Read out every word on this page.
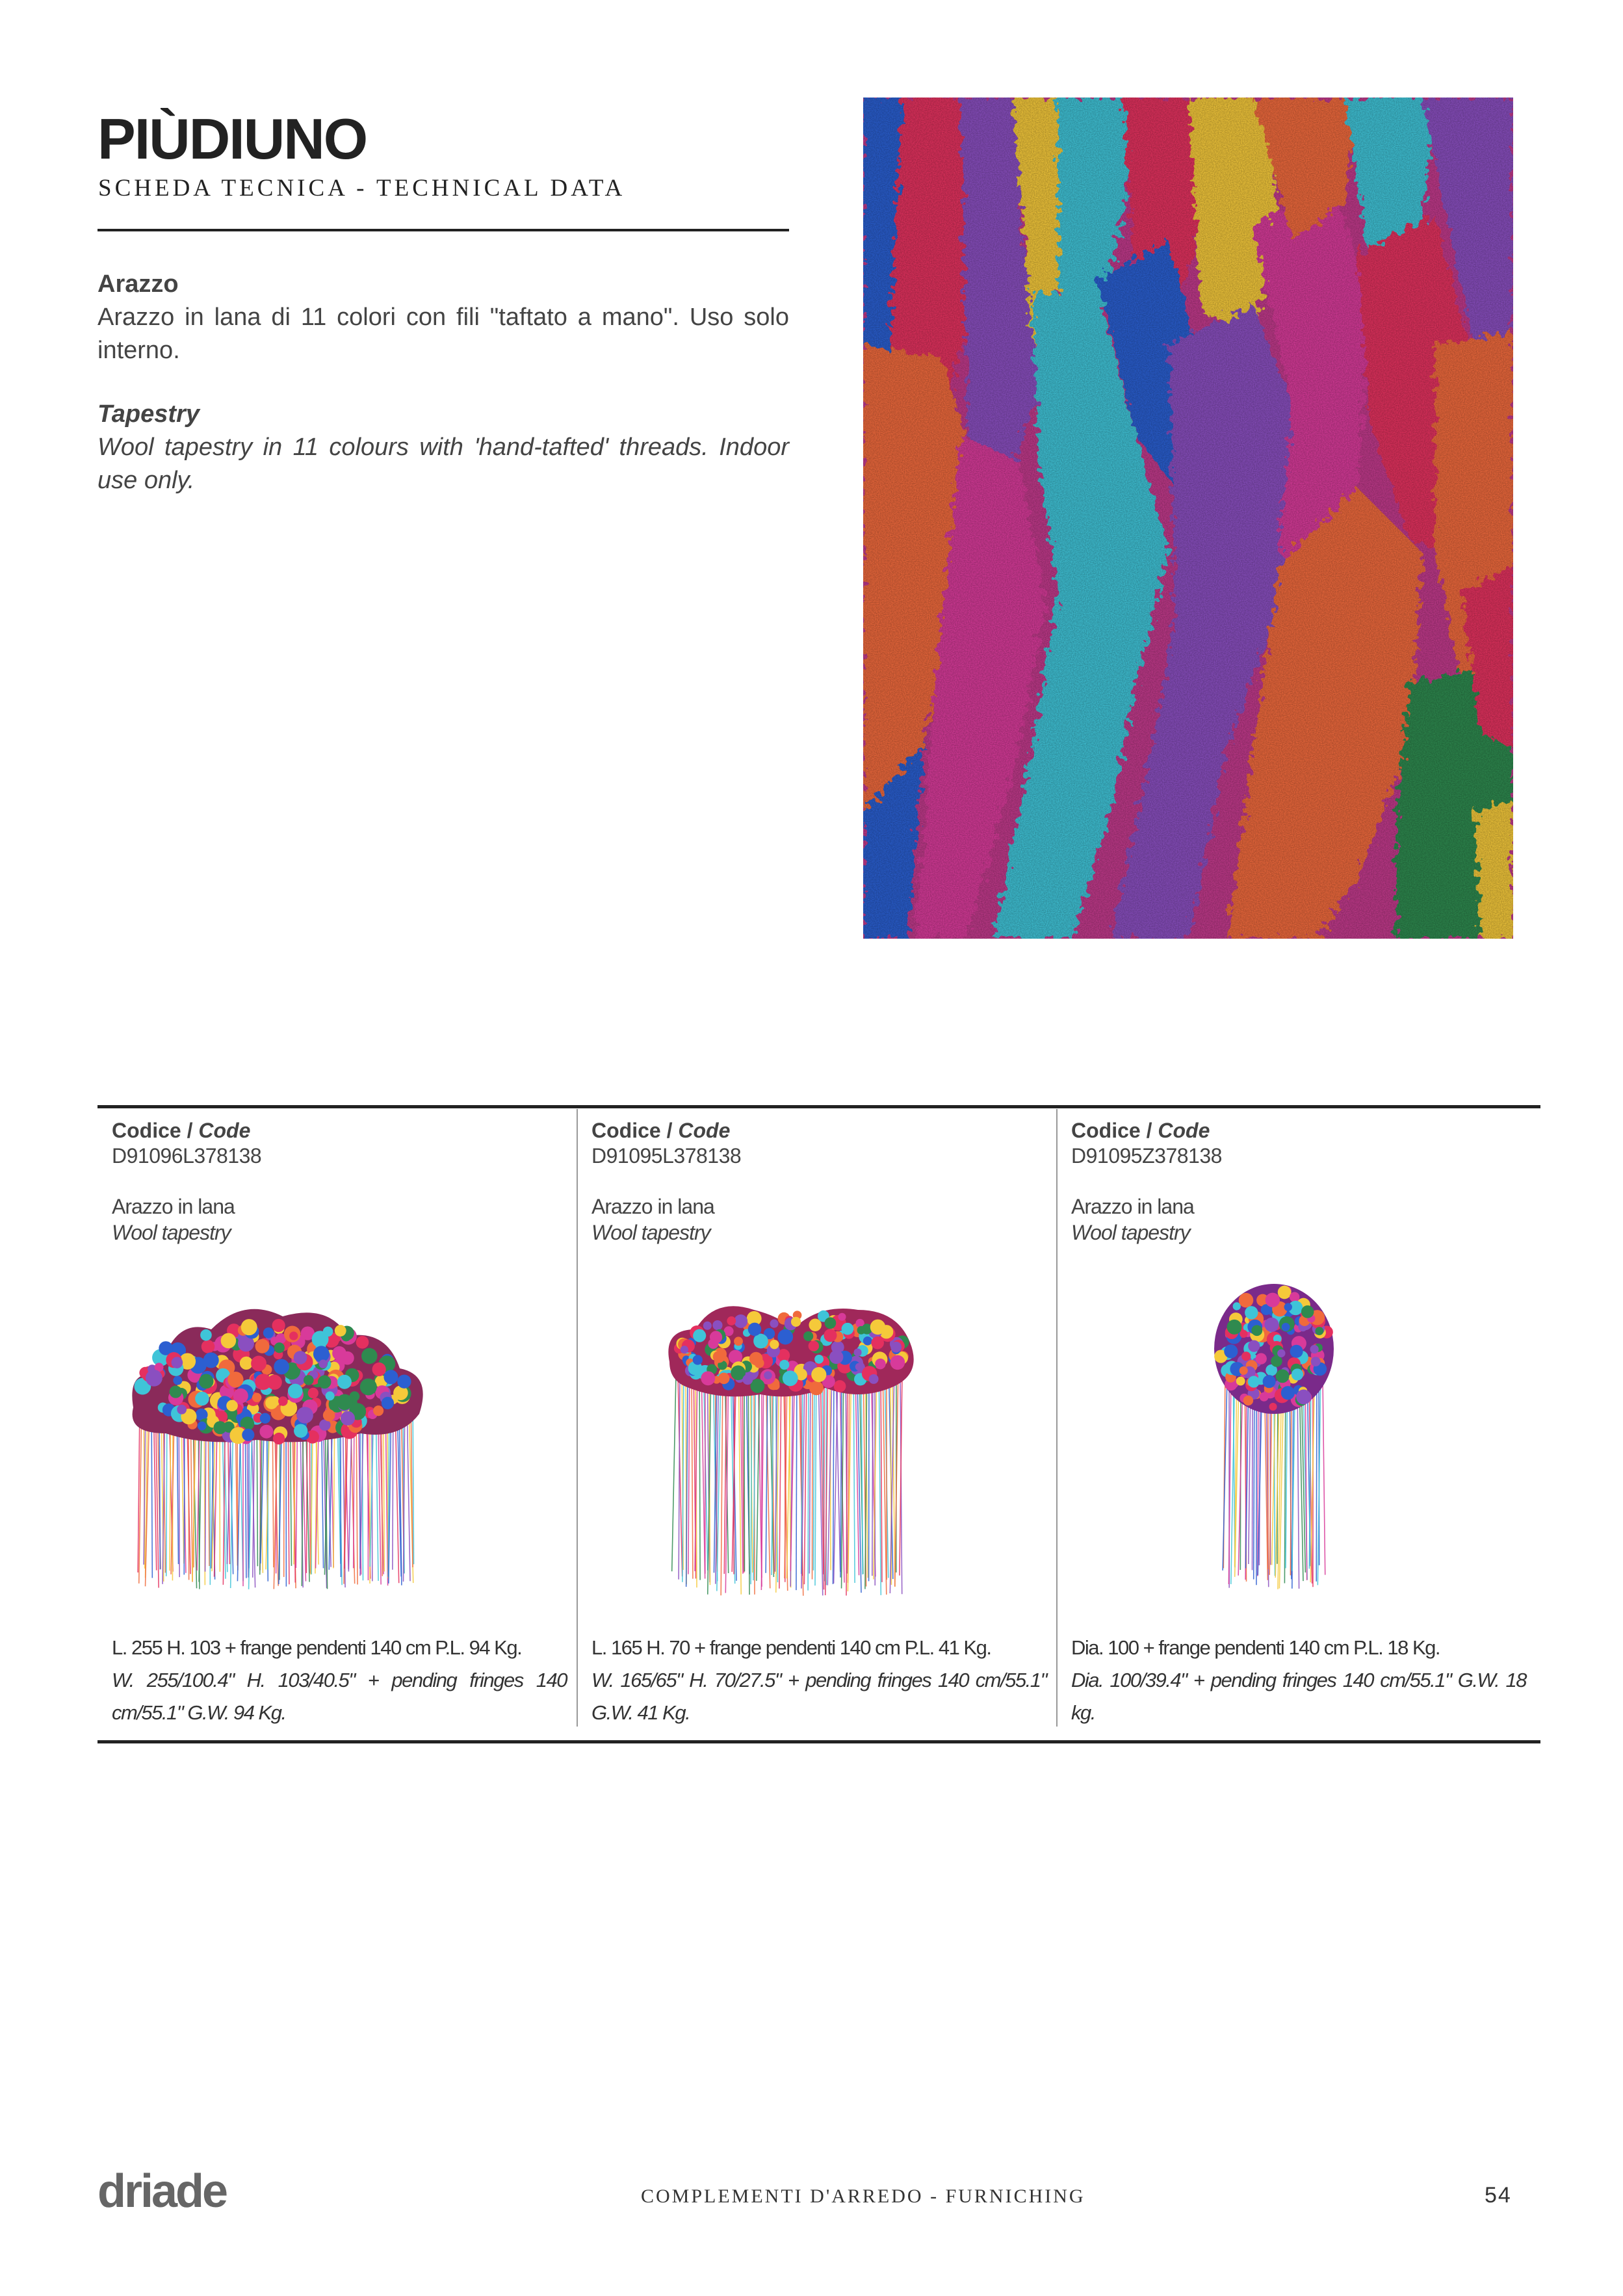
PIÙDIUNO
SCHEDA TECNICA - TECHNICAL DATA
Arazzo
Arazzo in lana di 11 colori con fili "taftato a mano". Uso solo interno.
Tapestry
Wool tapestry in 11 colours with 'hand-tafted' threads. Indoor use only.
Codice / Code
D91096L378138
Arazzo in lana
Wool tapestry
Codice / Code
D91095L378138
Arazzo in lana
Wool tapestry
Codice / Code
D91095Z378138
Arazzo in lana
Wool tapestry
L. 255 H. 103 + frange pendenti 140 cm P.L. 94 Kg.
W. 255/100.4" H. 103/40.5" + pending fringes 140 cm/55.1" G.W. 94 Kg.
L. 165 H. 70 + frange pendenti 140 cm P.L. 41 Kg.
W. 165/65" H. 70/27.5" + pending fringes 140 cm/55.1" G.W. 41 Kg.
Dia. 100 + frange pendenti 140 cm P.L. 18 Kg.
Dia. 100/39.4" + pending fringes 140 cm/55.1" G.W. 18 kg.
driade	COMPLEMENTI D'ARREDO - FURNICHING	54
